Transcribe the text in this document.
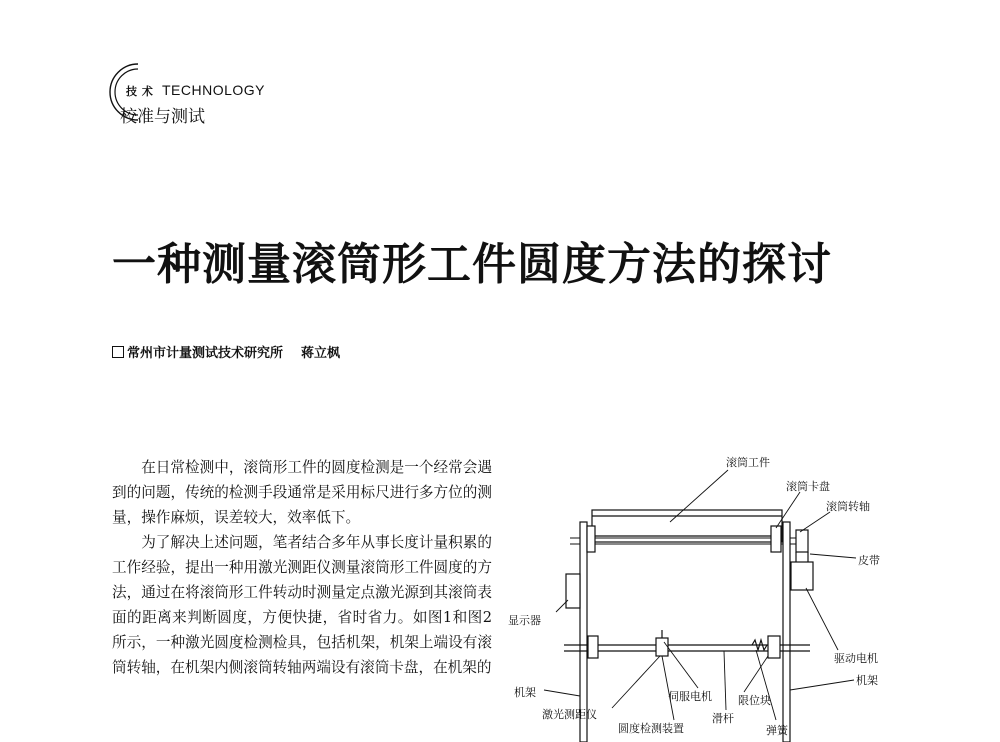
技 术 TECHNOLOGY
校准与测试
一种测量滚筒形工件圆度方法的探讨
常州市计量测试技术研究所 蒋立枫

在日常检测中，滚筒形工件的圆度检测是一个经常会遇到的问题，传统的检测手段通常是采用标尺进行多方位的测量，操作麻烦，误差较大，效率低下。

为了解决上述问题，笔者结合多年从事长度计量积累的工作经验，提出一种用激光测距仪测量滚筒形工件圆度的方法，通过在将滚筒形工件转动时测量定点激光源到其滚筒表面的距离来判断圆度，方便快捷，省时省力。如图1和图2所示，一种激光圆度检测检具，包括机架，机架上端设有滚筒转轴，在机架内侧滚筒转轴两端设有滚筒卡盘，在机架的

滚筒工件
滚筒卡盘
滚筒转轴
皮带
显示器
驱动电机
机架
机架
激光测距仪
圆度检测装置
伺服电机
滑杆
限位块
弹簧
